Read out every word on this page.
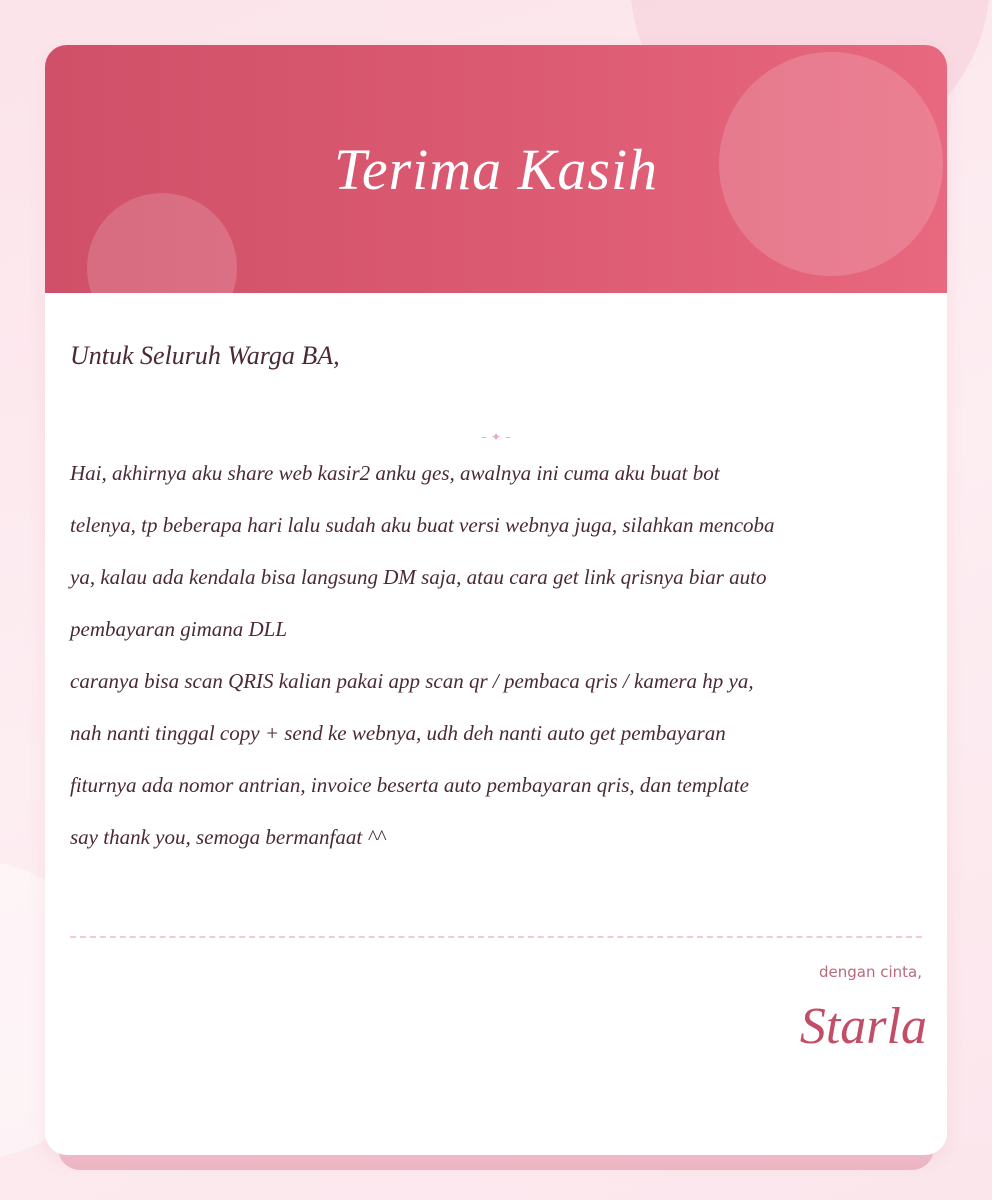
Terima Kasih
Untuk Seluruh Warga BA,
– ✦ –
Hai, akhirnya aku share web kasir2 anku ges, awalnya ini cuma aku buat bot
telenya, tp beberapa hari lalu sudah aku buat versi webnya juga, silahkan mencoba
ya, kalau ada kendala bisa langsung DM saja, atau cara get link qrisnya biar auto
pembayaran gimana DLL
caranya bisa scan QRIS kalian pakai app scan qr / pembaca qris / kamera hp ya,
nah nanti tinggal copy + send ke webnya, udh deh nanti auto get pembayaran
fiturnya ada nomor antrian, invoice beserta auto pembayaran qris, dan template
say thank you, semoga bermanfaat ^^
dengan cinta,
Starla
